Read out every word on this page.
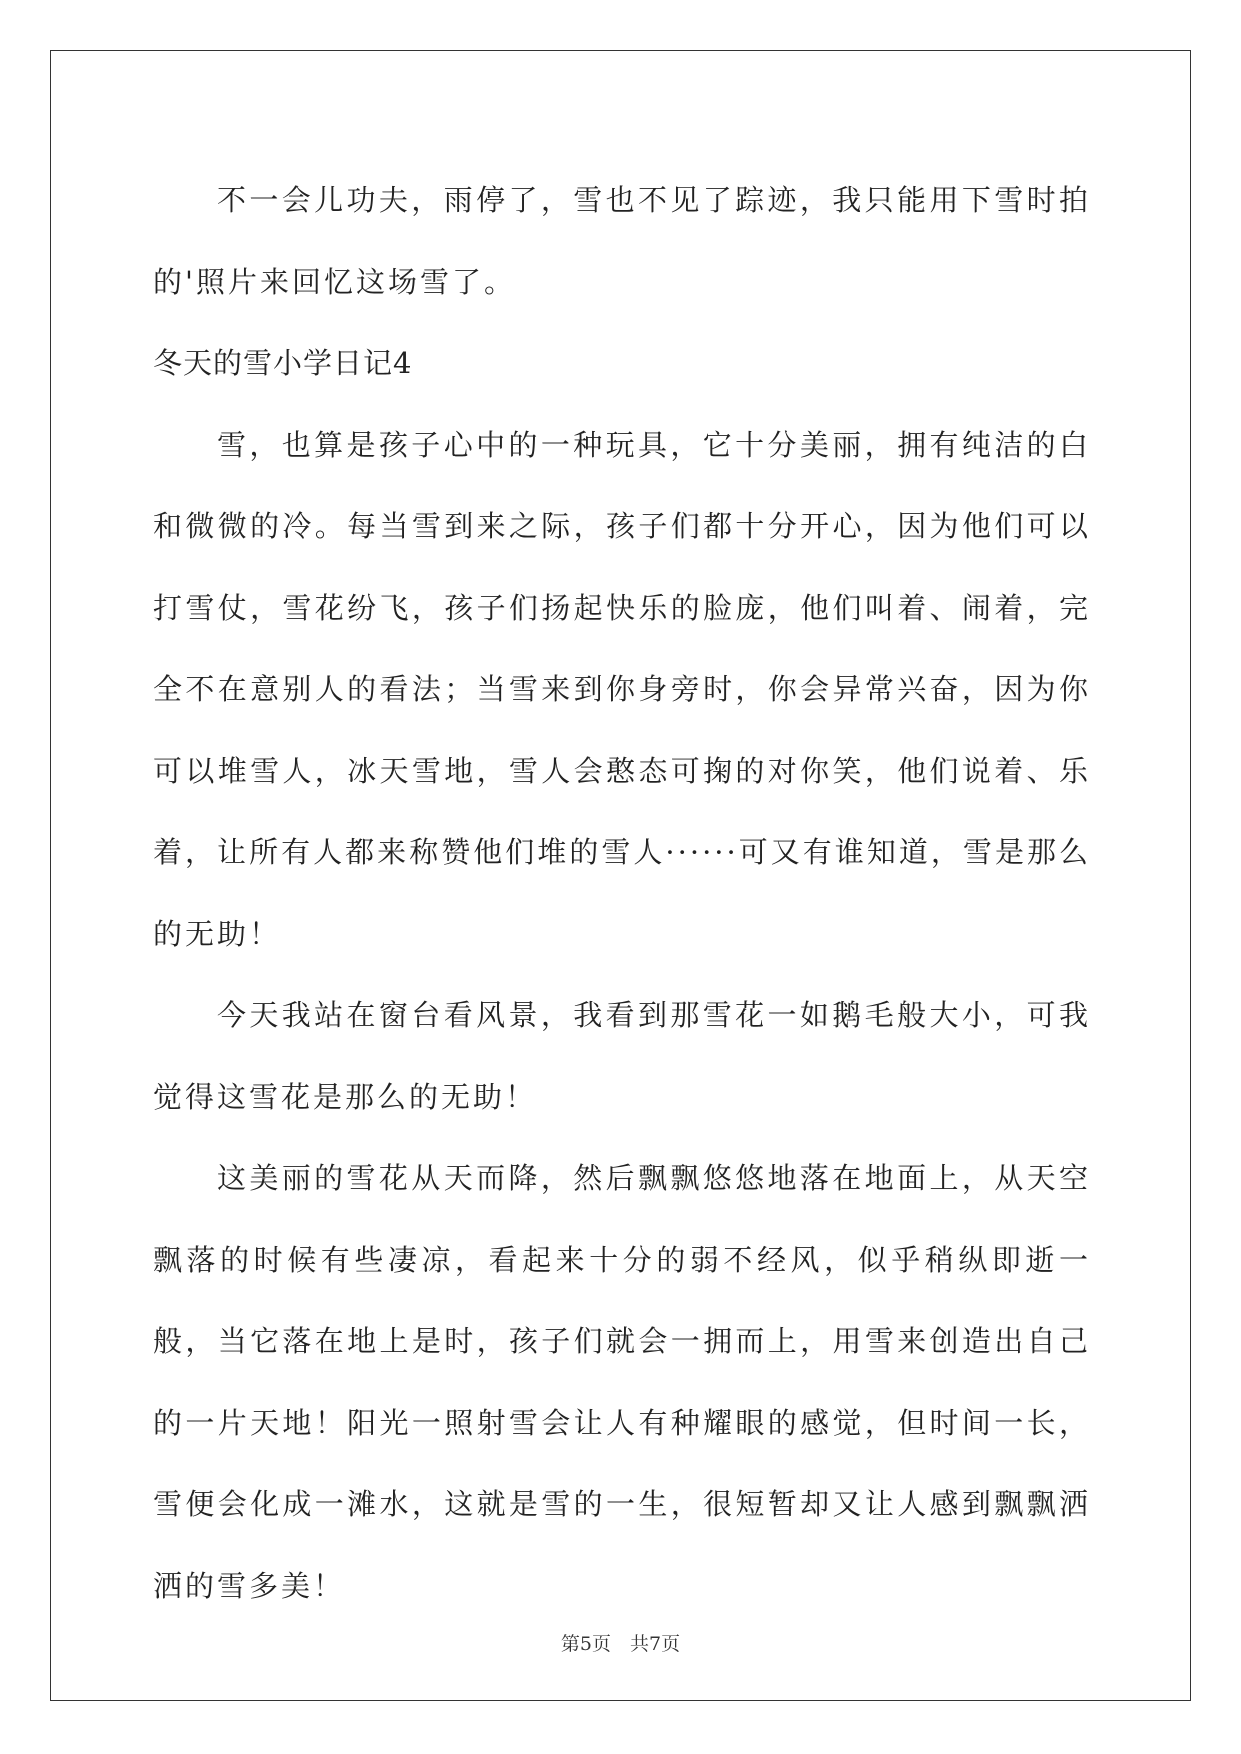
不一会儿功夫，雨停了，雪也不见了踪迹，我只能用下雪时拍的'照片来回忆这场雪了。

冬天的雪小学日记4

雪，也算是孩子心中的一种玩具，它十分美丽，拥有纯洁的白和微微的冷。每当雪到来之际，孩子们都十分开心，因为他们可以打雪仗，雪花纷飞，孩子们扬起快乐的脸庞，他们叫着、闹着，完全不在意别人的看法；当雪来到你身旁时，你会异常兴奋，因为你可以堆雪人，冰天雪地，雪人会憨态可掬的对你笑，他们说着、乐着，让所有人都来称赞他们堆的雪人······可又有谁知道，雪是那么的无助！

今天我站在窗台看风景，我看到那雪花一如鹅毛般大小，可我觉得这雪花是那么的无助！

这美丽的雪花从天而降，然后飘飘悠悠地落在地面上，从天空飘落的时候有些凄凉，看起来十分的弱不经风，似乎稍纵即逝一般，当它落在地上是时，孩子们就会一拥而上，用雪来创造出自己的一片天地！阳光一照射雪会让人有种耀眼的感觉，但时间一长，雪便会化成一滩水，这就是雪的一生，很短暂却又让人感到飘飘洒洒的雪多美！

第5页　共7页
